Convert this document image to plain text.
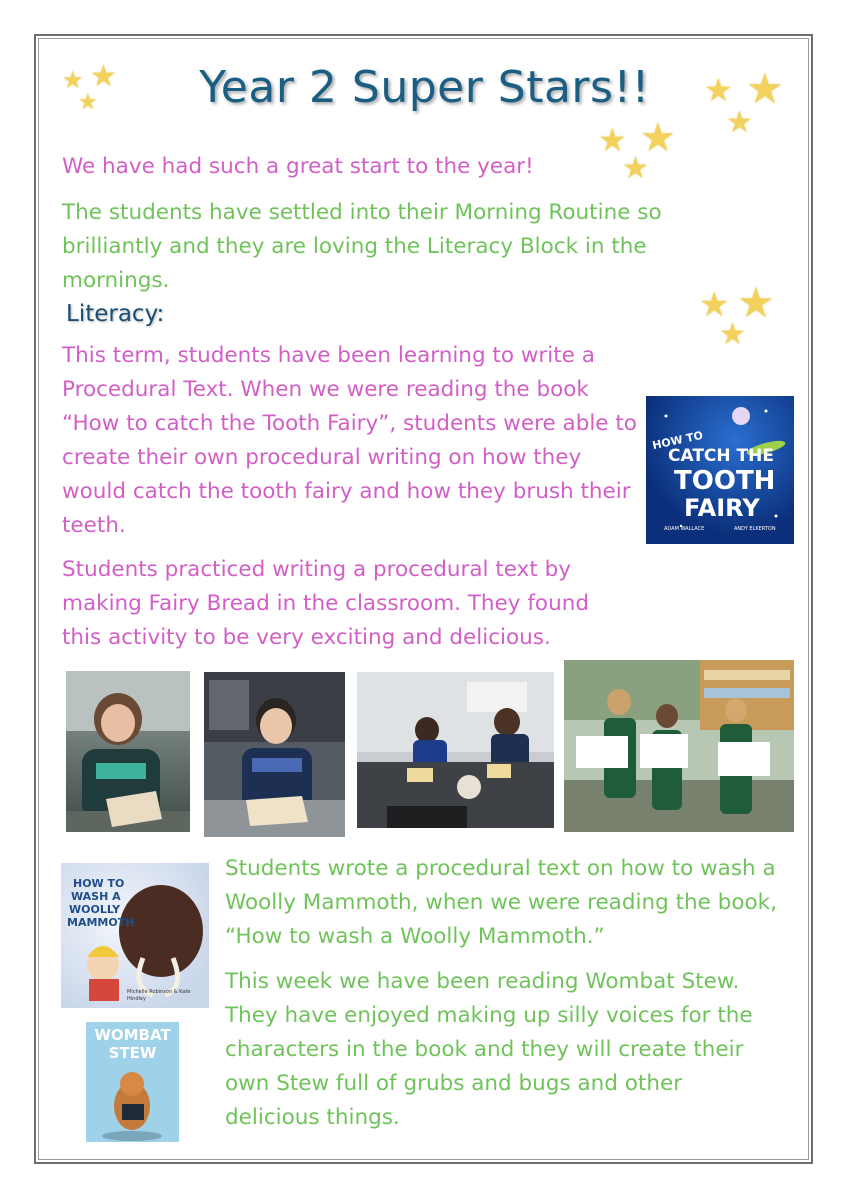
★ ★
★	★ ★
★
★ ★
★
★ ★
★
Year 2 Super Stars!!

We have had such a great start to the year!

The students have settled into their Morning Routine so brilliantly and they are loving the Literacy Block in the mornings.

Literacy:

This term, students have been learning to write a Procedural Text. When we were reading the book “How to catch the Tooth Fairy”, students were able to create their own procedural writing on how they would catch the tooth fairy and how they brush their teeth.

Students practiced writing a procedural text by making Fairy Bread in the classroom. They found this activity to be very exciting and delicious.

HOW TO
CATCH THE
TOOTH
FAIRY
ADAM WALLACE	ANDY ELKERTON
HOW TO
WASH A
WOOLLY
MAMMOTH
Michelle Robinson & Kate Hindley
WOMBAT
STEW

Students wrote a procedural text on how to wash a Woolly Mammoth, when we were reading the book, “How to wash a Woolly Mammoth.”

This week we have been reading Wombat Stew. They have enjoyed making up silly voices for the characters in the book and they will create their own Stew full of grubs and bugs and other delicious things.
